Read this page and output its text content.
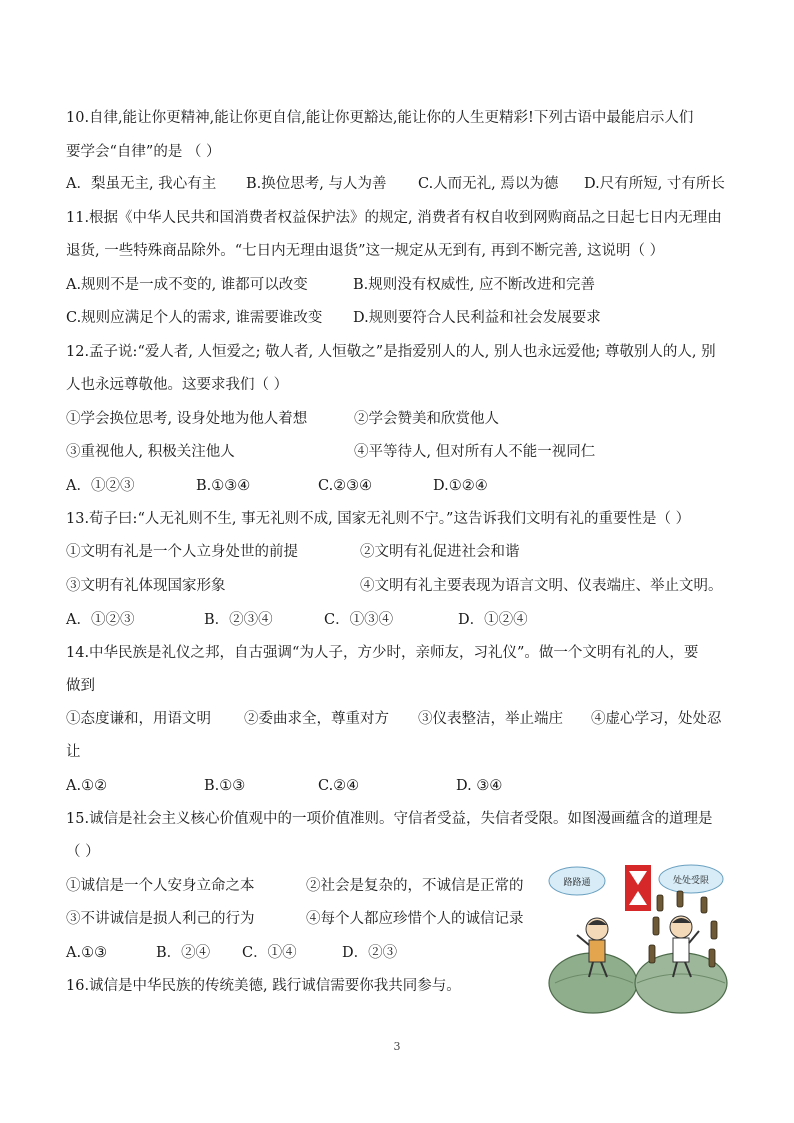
10.自律,能让你更精神,能让你更自信,能让你更豁达,能让你的人生更精彩!下列古语中最能启示人们
要学会“自律”的是 （ ）
A．梨虽无主, 我心有主 B.换位思考, 与人为善 C.人而无礼, 焉以为德 D.尺有所短, 寸有所长
11.根据《中华人民共和国消费者权益保护法》的规定, 消费者有权自收到网购商品之日起七日内无理由
退货, 一些特殊商品除外。“七日内无理由退货”这一规定从无到有, 再到不断完善, 这说明（ ）
A.规则不是一成不变的, 谁都可以改变	B.规则没有权威性, 应不断改进和完善
C.规则应满足个人的需求, 谁需要谁改变 D.规则要符合人民利益和社会发展要求
12.孟子说:“爱人者, 人恒爱之; 敬人者, 人恒敬之”是指爱别人的人, 别人也永远爱他; 尊敬别人的人, 别
人也永远尊敬他。这要求我们（ ）
①学会换位思考, 设身处地为他人着想	②学会赞美和欣赏他人
③重视他人, 积极关注他人	④平等待人, 但对所有人不能一视同仁
A．①②③	B.①③④	C.②③④	D.①②④
13.荀子曰:“人无礼则不生, 事无礼则不成, 国家无礼则不宁。”这告诉我们文明有礼的重要性是（ ）
①文明有礼是一个人立身处世的前提	②文明有礼促进社会和谐
③文明有礼体现国家形象	④文明有礼主要表现为语言文明、仪表端庄、举止文明。
A．①②③	B．②③④	C．①③④	D．①②④
14.中华民族是礼仪之邦，自古强调“为人子，方少时，亲师友，习礼仪”。做一个文明有礼的人，要
做到
①态度谦和，用语文明 ②委曲求全，尊重对方 ③仪表整洁，举止端庄 ④虚心学习，处处忍
让
A.①②	B.①③	C.②④	D. ③④
15.诚信是社会主义核心价值观中的一项价值准则。守信者受益，失信者受限。如图漫画蕴含的道理是
（ ）
①诚信是一个人安身立命之本	②社会是复杂的，不诚信是正常的
③不讲诚信是损人利己的行为	④每个人都应珍惜个人的诚信记录
A.①③	B．②④ C．①④	D．②③
路路通	处处受限
16.诚信是中华民族的传统美德, 践行诚信需要你我共同参与。
3
